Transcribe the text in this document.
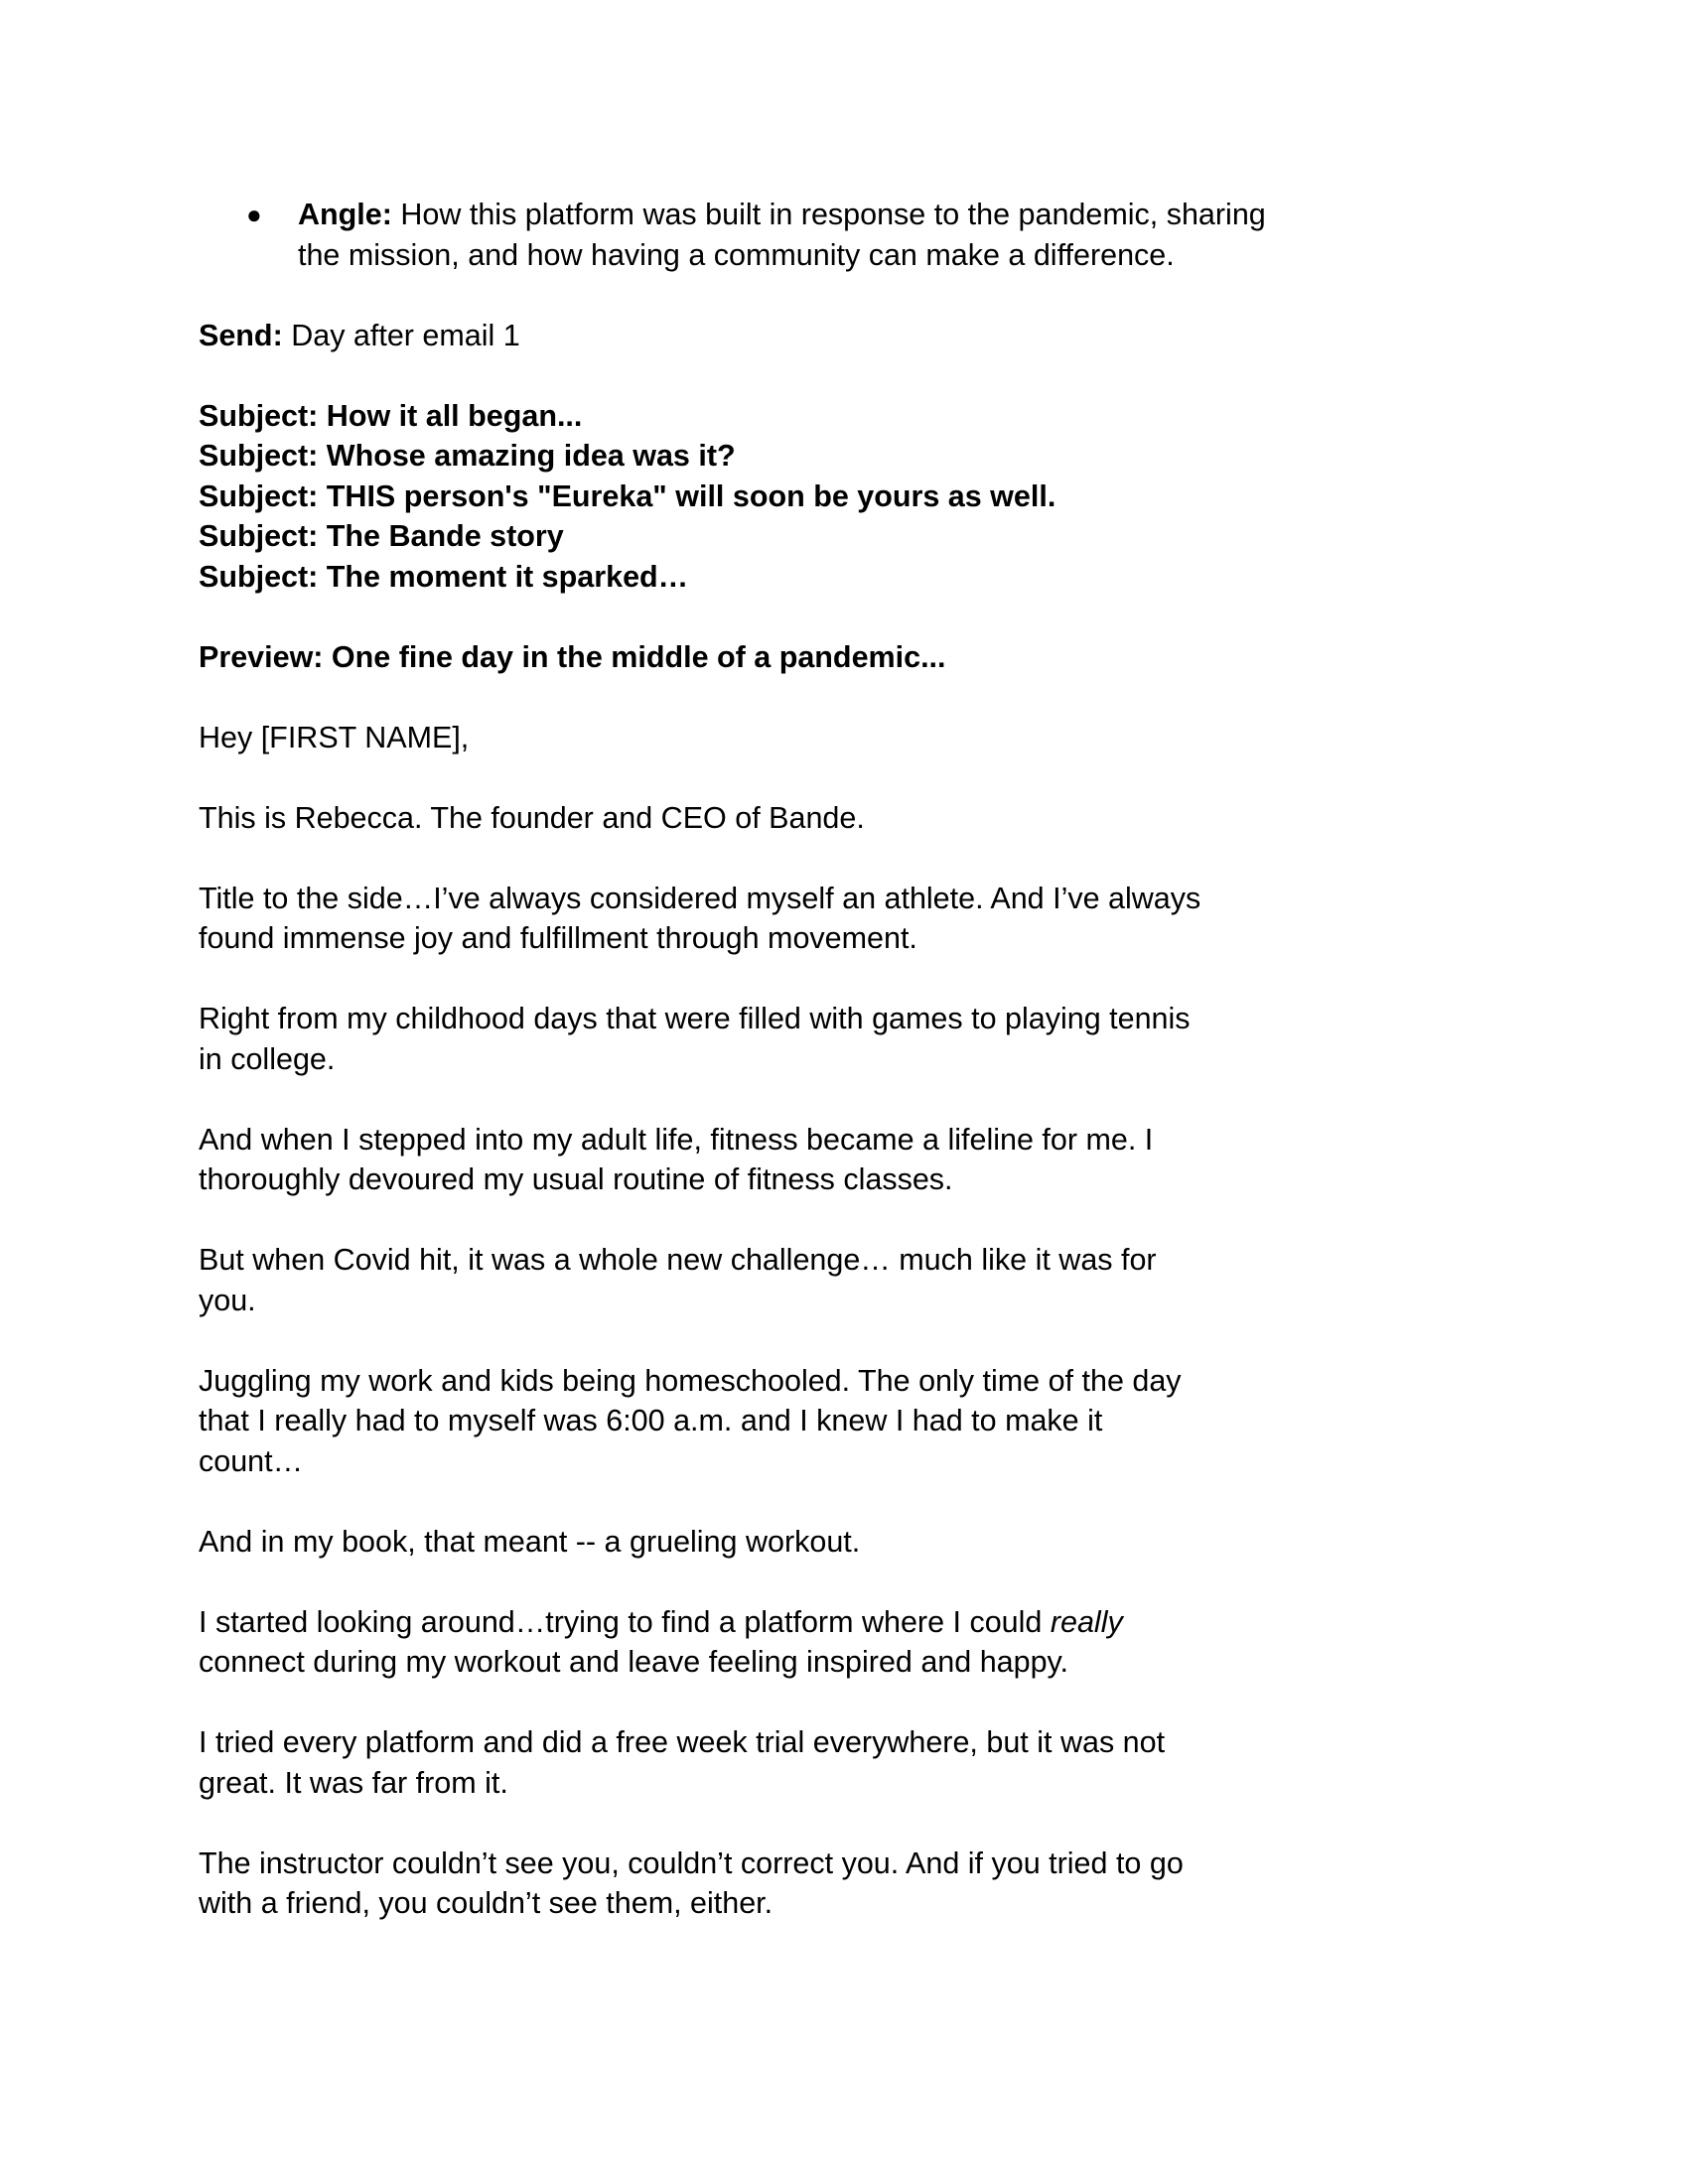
● Angle: How this platform was built in response to the pandemic, sharing the mission, and how having a community can make a difference.

Send: Day after email 1

Subject: How it all began...
Subject: Whose amazing idea was it?
Subject: THIS person's "Eureka" will soon be yours as well.
Subject: The Bande story
Subject: The moment it sparked…

Preview: One fine day in the middle of a pandemic...

Hey [FIRST NAME],

This is Rebecca. The founder and CEO of Bande.

Title to the side…I’ve always considered myself an athlete. And I’ve always found immense joy and fulfillment through movement.

Right from my childhood days that were filled with games to playing tennis in college.

And when I stepped into my adult life, fitness became a lifeline for me. I thoroughly devoured my usual routine of fitness classes.

But when Covid hit, it was a whole new challenge… much like it was for you.

Juggling my work and kids being homeschooled. The only time of the day that I really had to myself was 6:00 a.m. and I knew I had to make it count…

And in my book, that meant -- a grueling workout.

I started looking around…trying to find a platform where I could really connect during my workout and leave feeling inspired and happy.

I tried every platform and did a free week trial everywhere, but it was not great. It was far from it.

The instructor couldn’t see you, couldn’t correct you. And if you tried to go with a friend, you couldn’t see them, either.
